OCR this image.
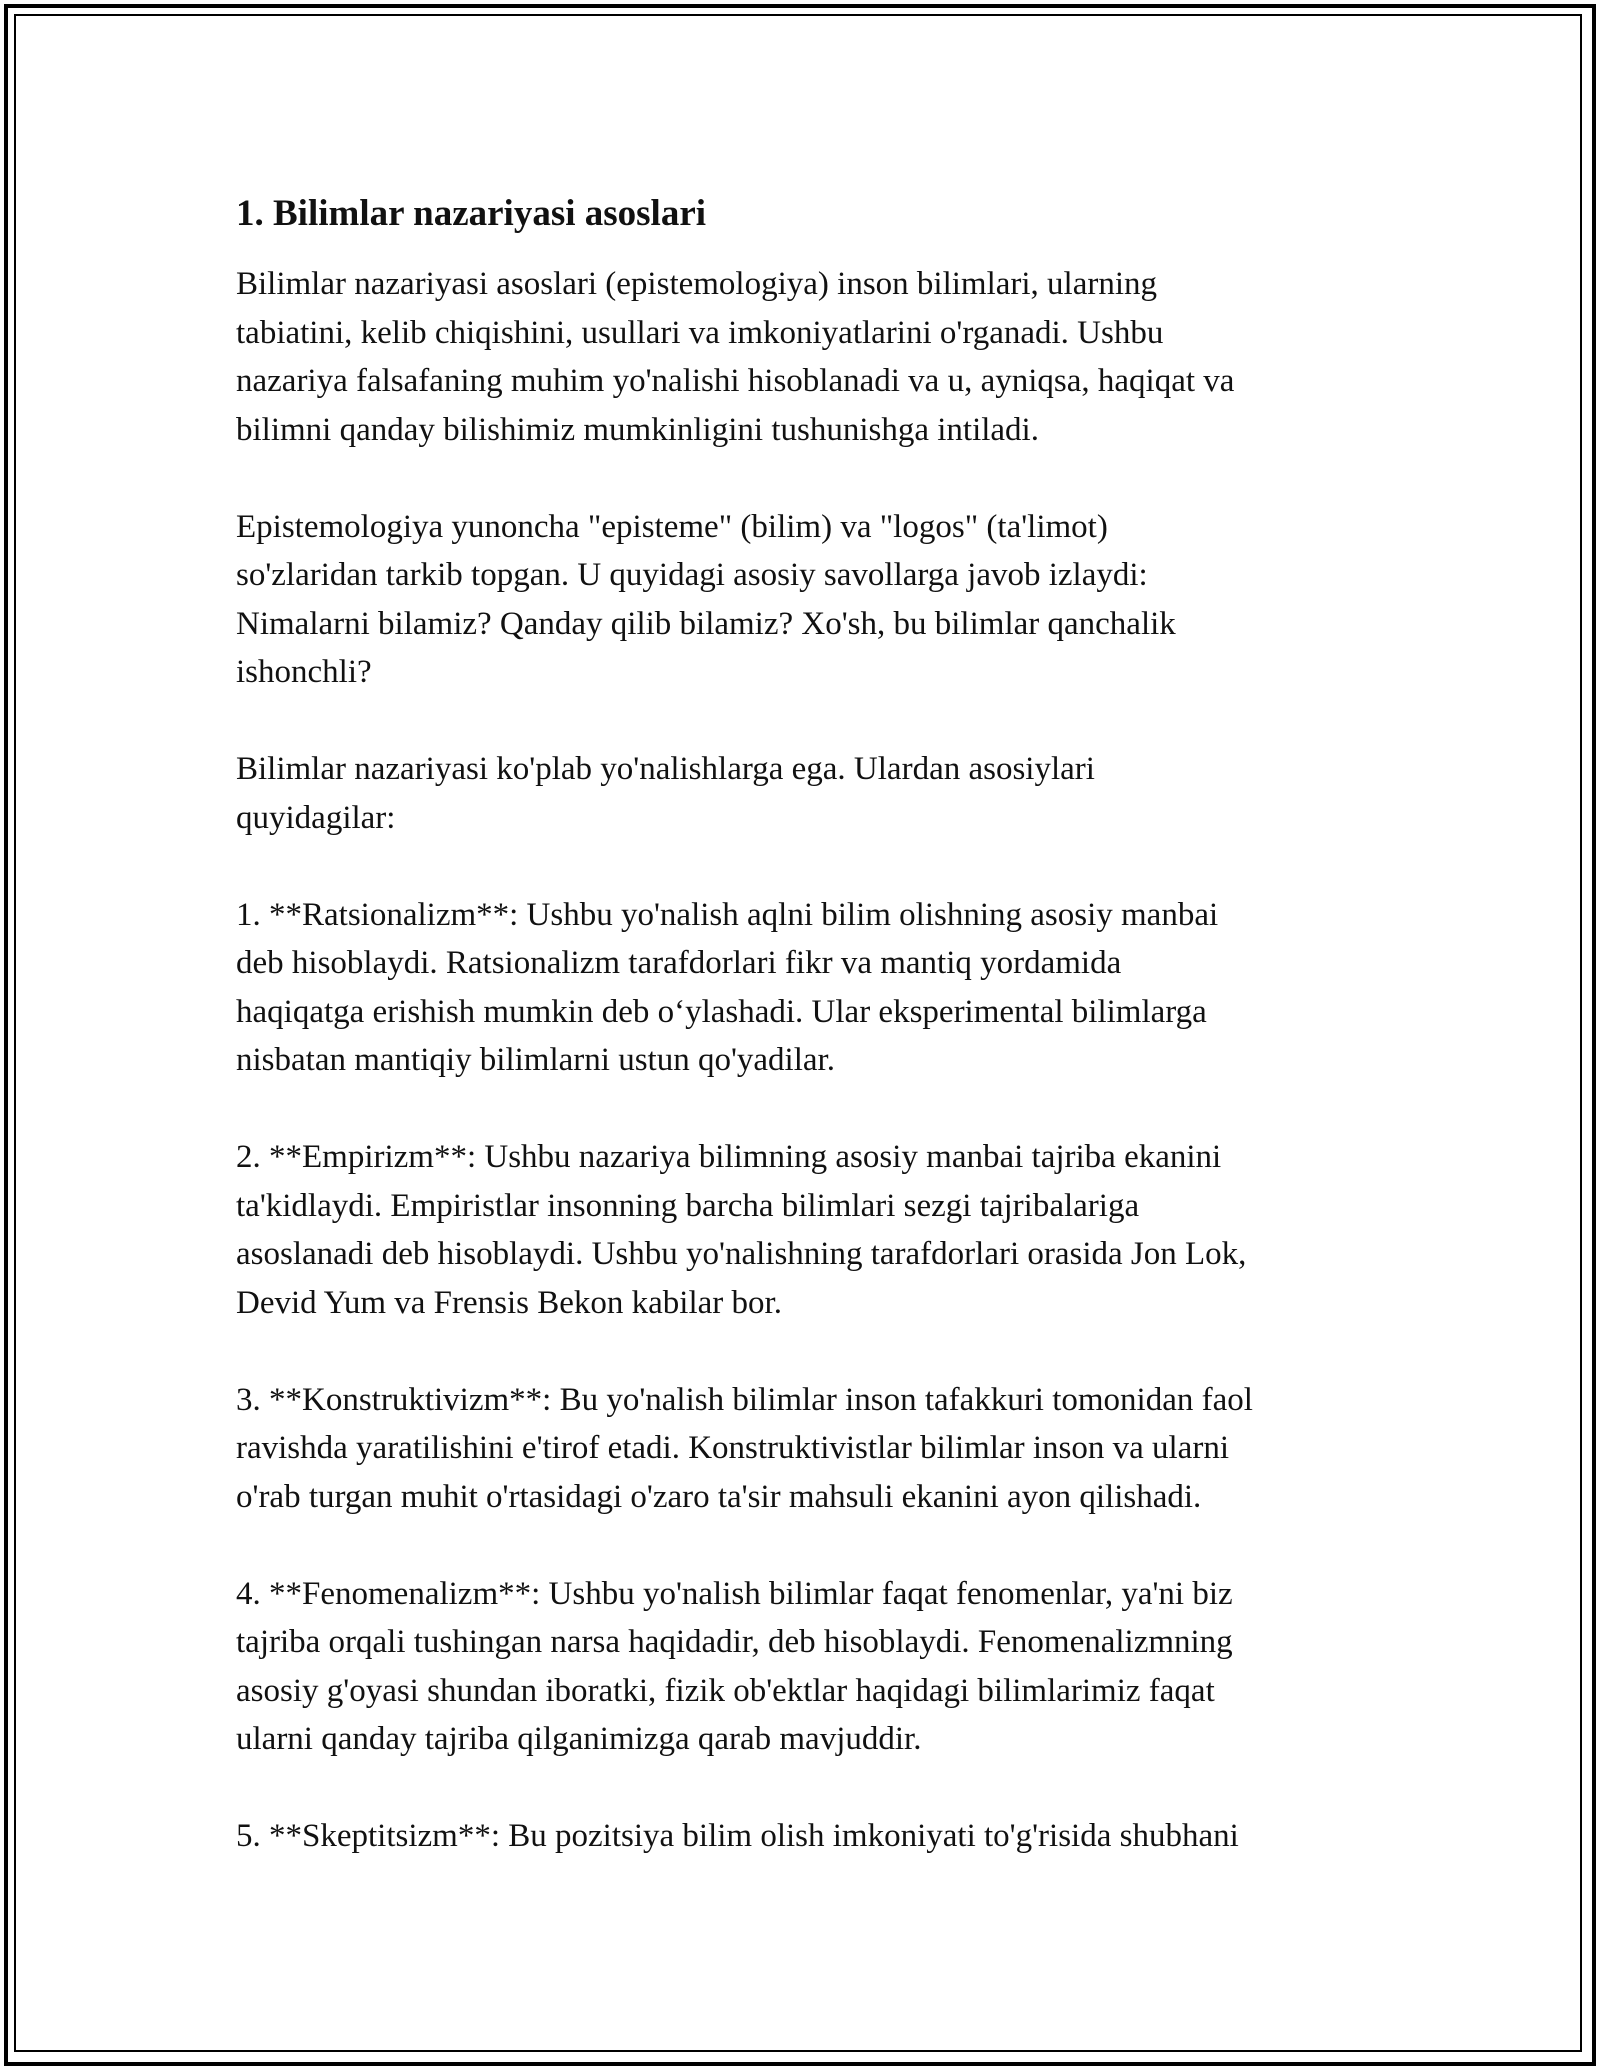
1. Bilimlar nazariyasi asoslari

Bilimlar nazariyasi asoslari (epistemologiya) inson bilimlari, ularning
tabiatini, kelib chiqishini, usullari va imkoniyatlarini o'rganadi. Ushbu
nazariya falsafaning muhim yo'nalishi hisoblanadi va u, ayniqsa, haqiqat va
bilimni qanday bilishimiz mumkinligini tushunishga intiladi.

Epistemologiya yunoncha "episteme" (bilim) va "logos" (ta'limot)
so'zlaridan tarkib topgan. U quyidagi asosiy savollarga javob izlaydi:
Nimalarni bilamiz? Qanday qilib bilamiz? Xo'sh, bu bilimlar qanchalik
ishonchli?

Bilimlar nazariyasi ko'plab yo'nalishlarga ega. Ulardan asosiylari
quyidagilar:

1. **Ratsionalizm**: Ushbu yo'nalish aqlni bilim olishning asosiy manbai
deb hisoblaydi. Ratsionalizm tarafdorlari fikr va mantiq yordamida
haqiqatga erishish mumkin deb o‘ylashadi. Ular eksperimental bilimlarga
nisbatan mantiqiy bilimlarni ustun qo'yadilar.

2. **Empirizm**: Ushbu nazariya bilimning asosiy manbai tajriba ekanini
ta'kidlaydi. Empiristlar insonning barcha bilimlari sezgi tajribalariga
asoslanadi deb hisoblaydi. Ushbu yo'nalishning tarafdorlari orasida Jon Lok,
Devid Yum va Frensis Bekon kabilar bor.

3. **Konstruktivizm**: Bu yo'nalish bilimlar inson tafakkuri tomonidan faol
ravishda yaratilishini e'tirof etadi. Konstruktivistlar bilimlar inson va ularni
o'rab turgan muhit o'rtasidagi o'zaro ta'sir mahsuli ekanini ayon qilishadi.

4. **Fenomenalizm**: Ushbu yo'nalish bilimlar faqat fenomenlar, ya'ni biz
tajriba orqali tushingan narsa haqidadir, deb hisoblaydi. Fenomenalizmning
asosiy g'oyasi shundan iboratki, fizik ob'ektlar haqidagi bilimlarimiz faqat
ularni qanday tajriba qilganimizga qarab mavjuddir.

5. **Skeptitsizm**: Bu pozitsiya bilim olish imkoniyati to'g'risida shubhani
